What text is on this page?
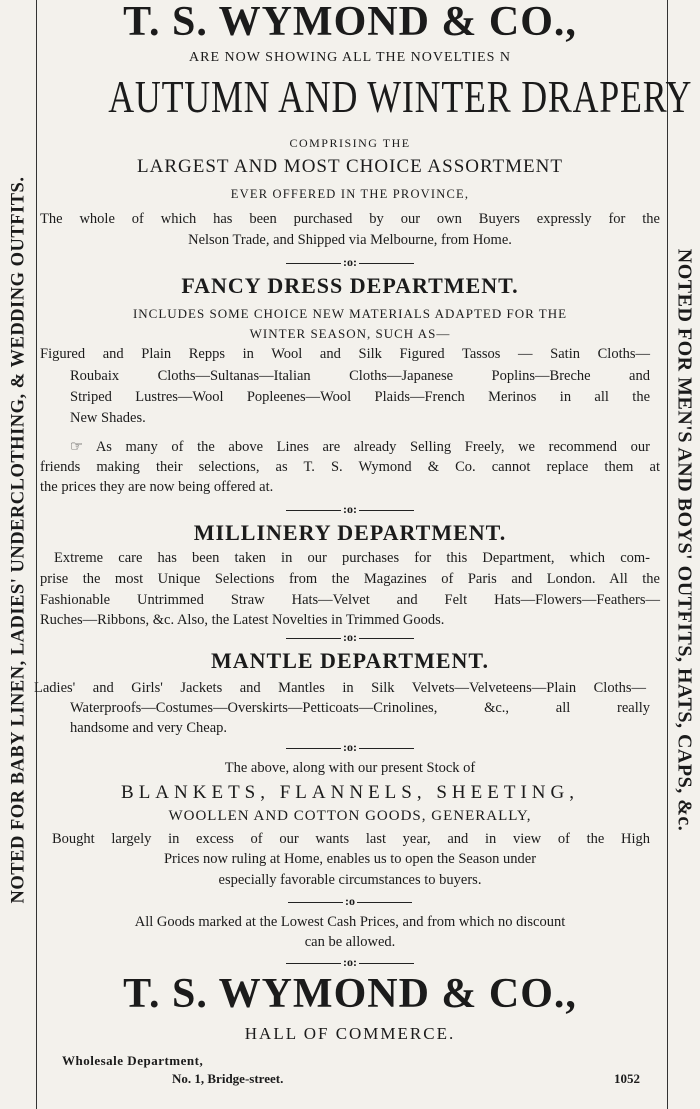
NOTED FOR BABY LINEN, LADIES' UNDERCLOTHING, & WEDDING OUTFITS.	NOTED FOR MEN'S AND BOYS' OUTFITS, HATS, CAPS, &c.
T. S. WYMOND & CO.,
ARE NOW SHOWING ALL THE NOVELTIES N
AUTUMN AND WINTER DRAPERY
COMPRISING THE
LARGEST AND MOST CHOICE ASSORTMENT
EVER OFFERED IN THE PROVINCE,
The whole of which has been purchased by our own Buyers expressly for the
Nelson Trade, and Shipped via Melbourne, from Home.
:o:
FANCY DRESS DEPARTMENT.
INCLUDES SOME CHOICE NEW MATERIALS ADAPTED FOR THE
WINTER SEASON, SUCH AS—
Figured and Plain Repps in Wool and Silk Figured Tassos — Satin Cloths—
Roubaix Cloths—Sultanas—Italian Cloths—Japanese Poplins—Breche and
Striped Lustres—Wool Popleenes—Wool Plaids—French Merinos in all the
New Shades.
☞ As many of the above Lines are already Selling Freely, we recommend our
friends making their selections, as T. S. Wymond & Co. cannot replace them at
the prices they are now being offered at.
:o:
MILLINERY DEPARTMENT.
Extreme care has been taken in our purchases for this Department, which com-
prise the most Unique Selections from the Magazines of Paris and London. All the
Fashionable Untrimmed Straw Hats—Velvet and Felt Hats—Flowers—Feathers—
Ruches—Ribbons, &c. Also, the Latest Novelties in Trimmed Goods.
:o:
MANTLE DEPARTMENT.
Ladies' and Girls' Jackets and Mantles in Silk Velvets—Velveteens—Plain Cloths—
Waterproofs—Costumes—Overskirts—Petticoats—Crinolines, &c., all really
handsome and very Cheap.
:o:
The above, along with our present Stock of
BLANKETS, FLANNELS, SHEETING,
WOOLLEN AND COTTON GOODS, GENERALLY,
Bought largely in excess of our wants last year, and in view of the High
Prices now ruling at Home, enables us to open the Season under
especially favorable circumstances to buyers.
:o
All Goods marked at the Lowest Cash Prices, and from which no discount
can be allowed.
:o:
T. S. WYMOND & CO.,
HALL OF COMMERCE.
Wholesale Department,
No. 1, Bridge-street.	1052
